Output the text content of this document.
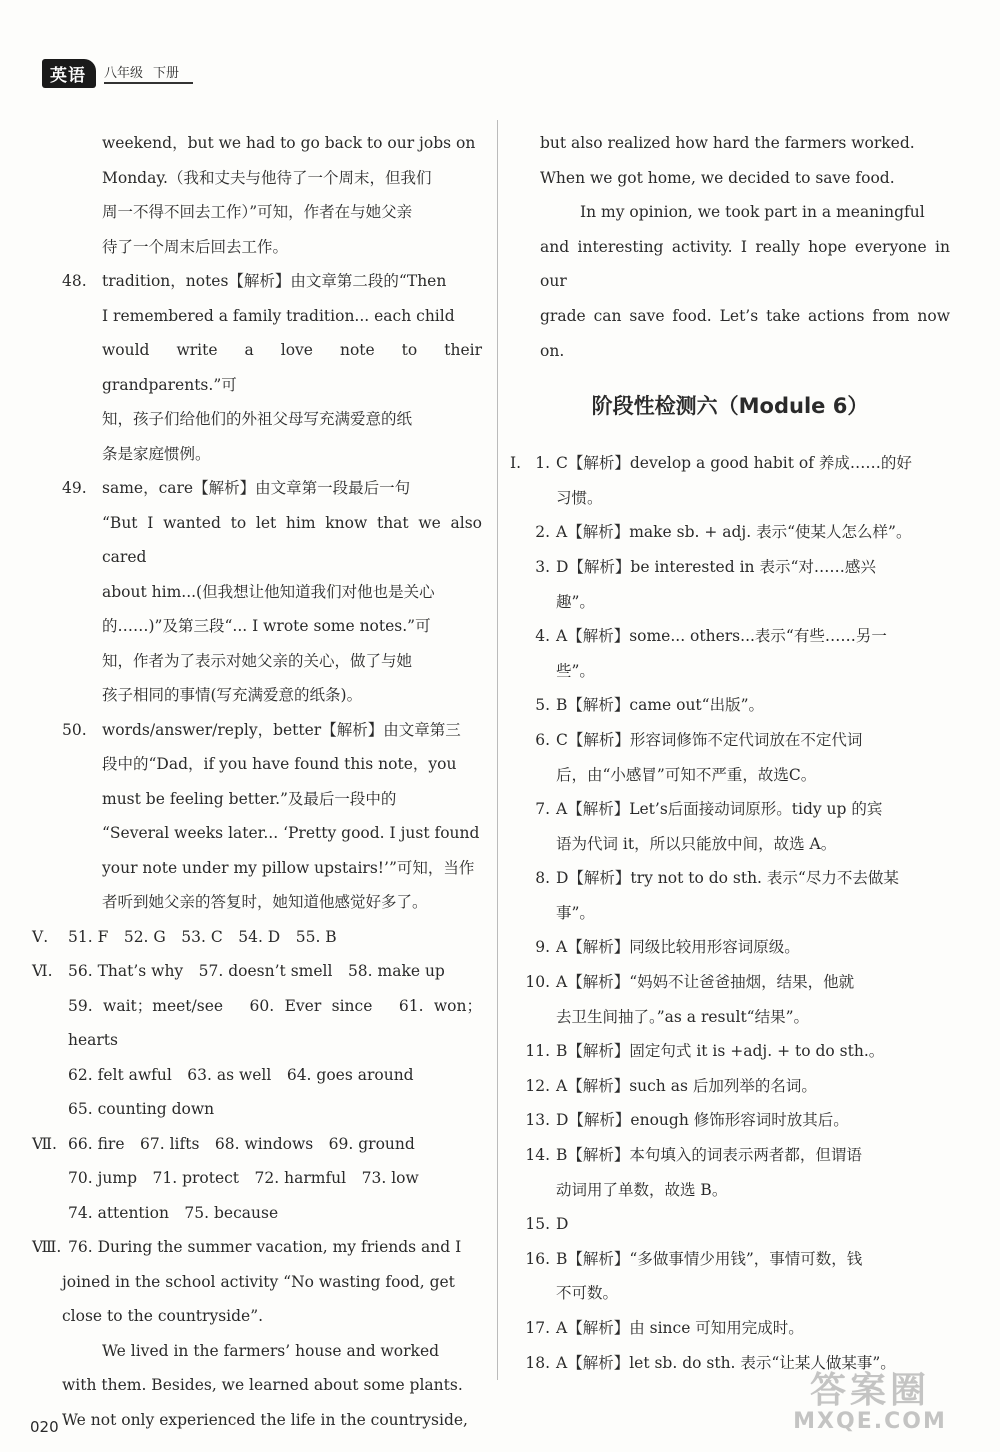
英语	八年级 下册

weekend，but we had to go back to our jobs on

Monday.（我和丈夫与他待了一个周末，但我们

周一不得不回去工作）”可知，作者在与她父亲

待了一个周末后回去工作。

48. tradition，notes【解析】由文章第二段的“Then

I remembered a family tradition... each child

would write a love note to their grandparents.”可

知，孩子们给他们的外祖父母写充满爱意的纸

条是家庭惯例。

49. same，care【解析】由文章第一段最后一句

“But I wanted to let him know that we also cared

about him...(但我想让他知道我们对他也是关心

的……)”及第三段“... I wrote some notes.”可

知，作者为了表示对她父亲的关心，做了与她

孩子相同的事情(写充满爱意的纸条)。

50. words/answer/reply，better【解析】由文章第三

段中的“Dad，if you have found this note，you

must be feeling better.”及最后一段中的

“Several weeks later... ‘Pretty good. I just found

your note under my pillow upstairs!’”可知，当作

者听到她父亲的答复时，她知道他感觉好多了。

Ⅴ.	51. F　52. G　53. C　54. D　55. B
Ⅵ. 56. That’s why　57. doesn’t smell　58. make up

59. wait；meet/see　60. Ever since　61. won；hearts

62. felt awful　63. as well　64. goes around

65. counting down

Ⅶ. 66. fire　67. lifts　68. windows　69. ground

70. jump　71. protect　72. harmful　73. low

74. attention　75. because

Ⅷ. 76. During the summer vacation, my friends and I

joined in the school activity “No wasting food, get

close to the countryside”.

We lived in the farmers’ house and worked

with them. Besides, we learned about some plants.

We not only experienced the life in the countryside,

but also realized how hard the farmers worked.

When we got home, we decided to save food.

In my opinion, we took part in a meaningful

and interesting activity. I really hope everyone in our

grade can save food. Let’s take actions from now on.

阶段性检测六（Module 6）
Ⅰ. 1. C【解析】develop a good habit of 养成……的好

习惯。

2. A【解析】make sb. + adj. 表示“使某人怎么样”。

3. D【解析】be interested in 表示“对……感兴

趣”。

4. A【解析】some... others...表示“有些……另一

些”。

5. B【解析】came out“出版”。

6. C【解析】形容词修饰不定代词放在不定代词

后，由“小感冒”可知不严重，故选C。

7. A【解析】Let’s后面接动词原形。tidy up 的宾

语为代词 it，所以只能放中间，故选 A。

8. D【解析】try not to do sth. 表示“尽力不去做某

事”。

9. A【解析】同级比较用形容词原级。

10. A【解析】“妈妈不让爸爸抽烟，结果，他就

去卫生间抽了。”as a result“结果”。

11. B【解析】固定句式 it is +adj. + to do sth.。

12. A【解析】such as 后加列举的名词。

13. D【解析】enough 修饰形容词时放其后。

14. B【解析】本句填入的词表示两者都，但谓语

动词用了单数，故选 B。

15. D

16. B【解析】“多做事情少用钱”，事情可数，钱

不可数。

17. A【解析】由 since 可知用完成时。

18. A【解析】let sb. do sth. 表示“让某人做某事”。

020
答案圈
MXQE.COM
